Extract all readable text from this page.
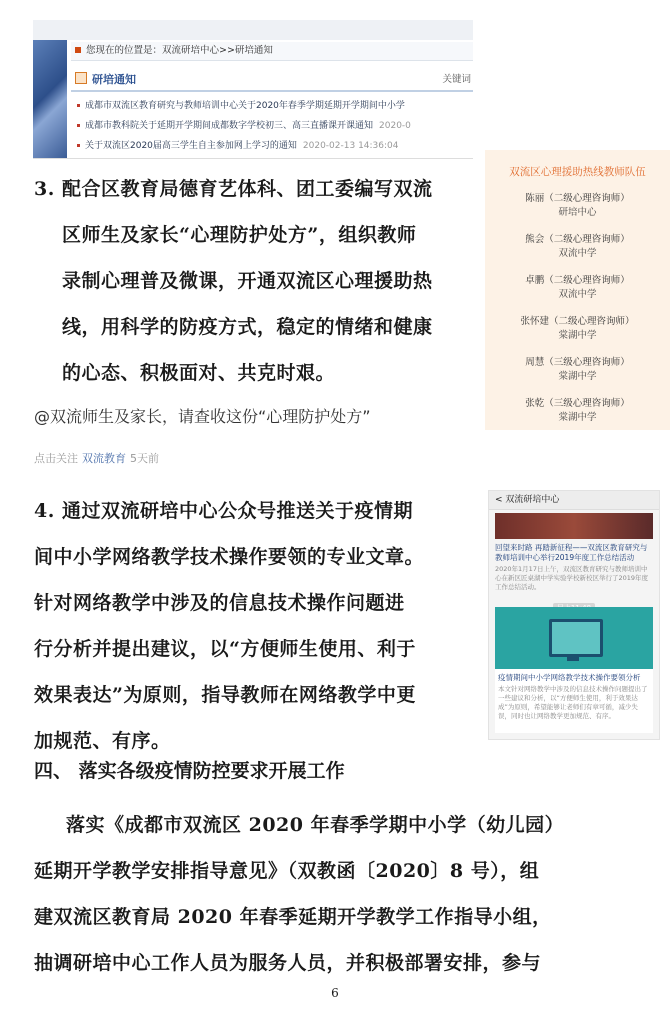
您现在的位置是：双流研培中心>>研培通知
研培通知	关键词
成都市双流区教育研究与教师培训中心关于2020年春季学期延期开学期间中小学
成都市教科院关于延期开学期间成都数字学校初三、高三直播课开课通知 2020-0
关于双流区2020届高三学生自主参加网上学习的通知 2020-02-13 14:36:04
3. 配合区教育局德育艺体科、团工委编写双流
区师生及家长“心理防护处方”，组织教师
录制心理普及微课，开通双流区心理援助热
线，用科学的防疫方式，稳定的情绪和健康
的心态、积极面对、共克时艰。
双流区心理援助热线教师队伍
陈丽（二级心理咨询师）
研培中心
熊会（二级心理咨询师）
双流中学
卓鹏（二级心理咨询师）
双流中学
张怀建（二级心理咨询师）
棠湖中学
周慧（三级心理咨询师）
棠湖中学
张乾（三级心理咨询师）
棠湖中学
@双流师生及家长，请查收这份“心理防护处方”
点击关注 双流教育 5天前
4. 通过双流研培中心公众号推送关于疫情期
间中小学网络教学技术操作要领的专业文章。
针对网络教学中涉及的信息技术操作问题进
行分析并提出建议，以“方便师生使用、利于
效果表达”为原则，指导教师在网络教学中更
加规范、有序。
< 双流研培中心
回望来时路 再踏新征程——双流区教育研究与教师培训中心举行2019年度工作总结活动
2020年1月17日上午，双流区教育研究与教师培训中心在新区匠桌湖中学实验学校新校区举行了2019年度工作总结活动。
疫情期间中小学网络教学技术操作要领分析
本文针对网络教学中涉及的信息技术操作问题提出了一些建议和分析，以“方便师生使用，利于效果达成”为原则，希望能够让老师们有章可循，减少失误，同时也让网络教学更加规范、有序。
四、 落实各级疫情防控要求开展工作
落实《成都市双流区 2020 年春季学期中小学（幼儿园）
延期开学教学安排指导意见》（双教函〔2020〕8 号），组
建双流区教育局 2020 年春季延期开学教学工作指导小组，
抽调研培中心工作人员为服务人员，并积极部署安排，参与
6
